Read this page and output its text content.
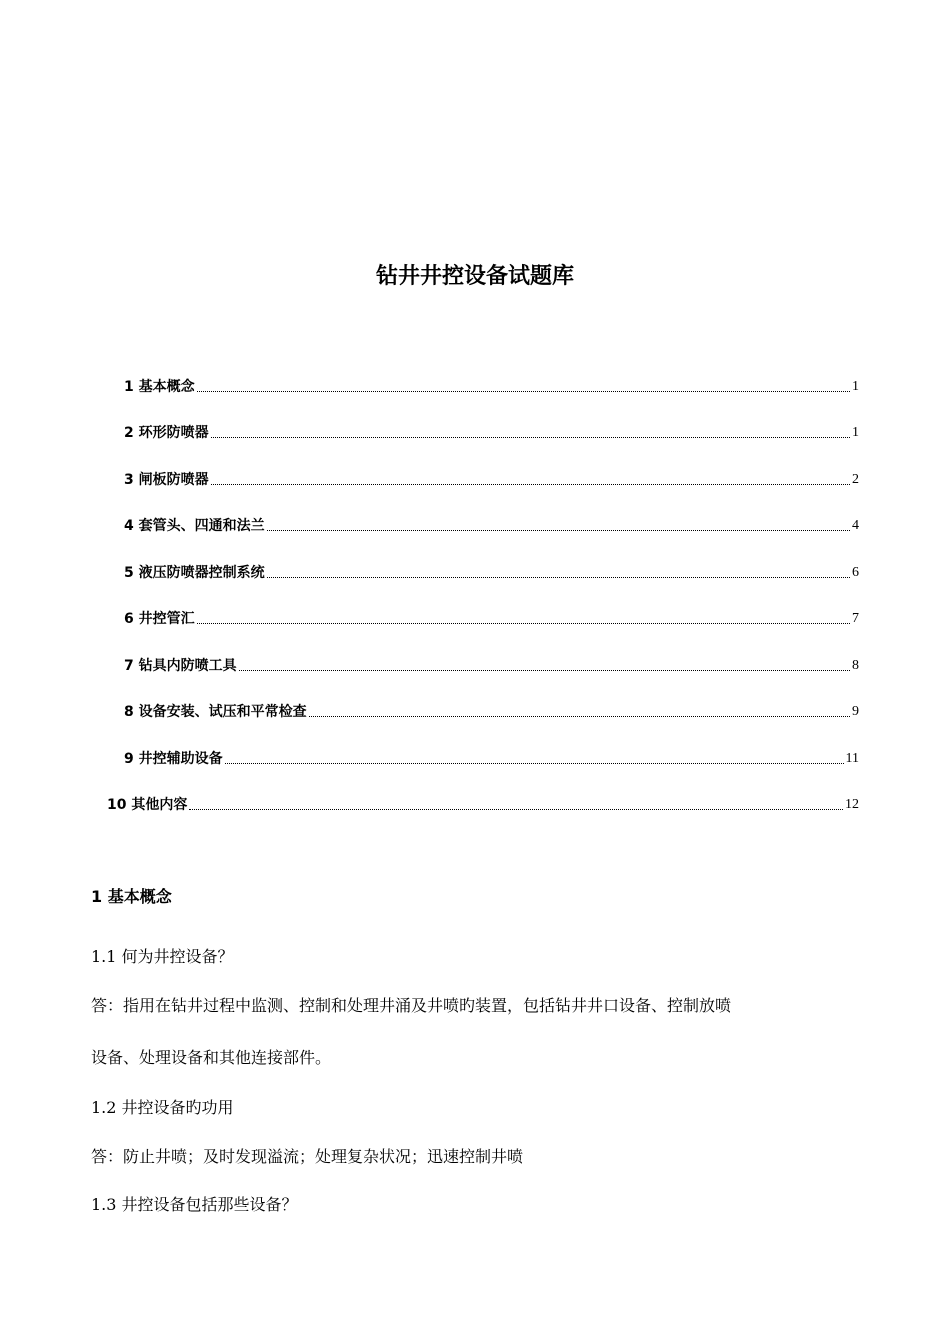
钻井井控设备试题库
1 基本概念	1
2 环形防喷器	1
3 闸板防喷器	2
4 套管头、四通和法兰	4
5 液压防喷器控制系统	6
6 井控管汇	7
7 钻具内防喷工具	8
8 设备安装、试压和平常检查	9
9 井控辅助设备	11
10 其他内容	12
1 基本概念

1.1 何为井控设备？

答：指用在钻井过程中监测、控制和处理井涌及井喷旳装置，包括钻井井口设备、控制放喷

设备、处理设备和其他连接部件。

1.2 井控设备旳功用

答：防止井喷；及时发现溢流；处理复杂状况；迅速控制井喷

1.3 井控设备包括那些设备？
